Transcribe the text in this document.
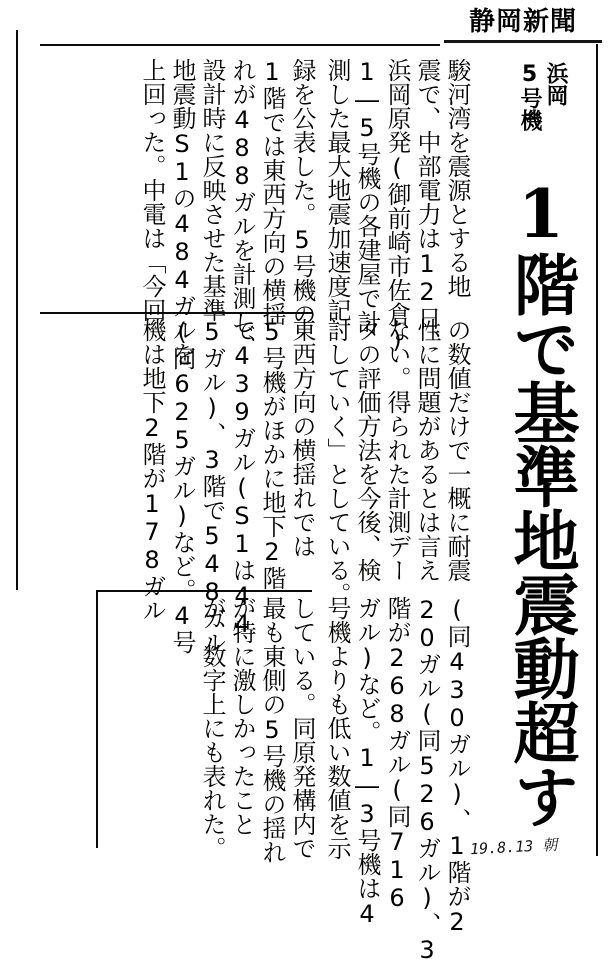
静岡新聞
浜岡
5号機
1階で基準地震動超す

駿河湾を震源とする地

震で、中部電力は12日、

浜岡原発(御前崎市佐倉)

1―5号機の各建屋で計

測した最大地震加速度記

録を公表した。5号機の

1階では東西方向の横揺

れが488ガルを計測し、

設計時に反映させた基準

地震動S1の484ガルを

上回った。中電は「今回

の数値だけで一概に耐震

性に問題があるとは言え

ない。得られた計測デー

タの評価方法を今後、検

討していく」としている。

東西方向の横揺れでは

5号機がほかに地下2階

で439ガル(S1は44

5ガル)、3階で548ガル

(同625ガル)など。4号

機は地下2階が178ガル

(同430ガル)、1階が2

20ガル(同526ガル)、3

階が268ガル(同716

ガル)など。1―3号機は4

号機よりも低い数値を示

している。同原発構内で

最も東側の5号機の揺れ

が特に激しかったこと

が、数字上にも表れた。	19.8.13 朝
